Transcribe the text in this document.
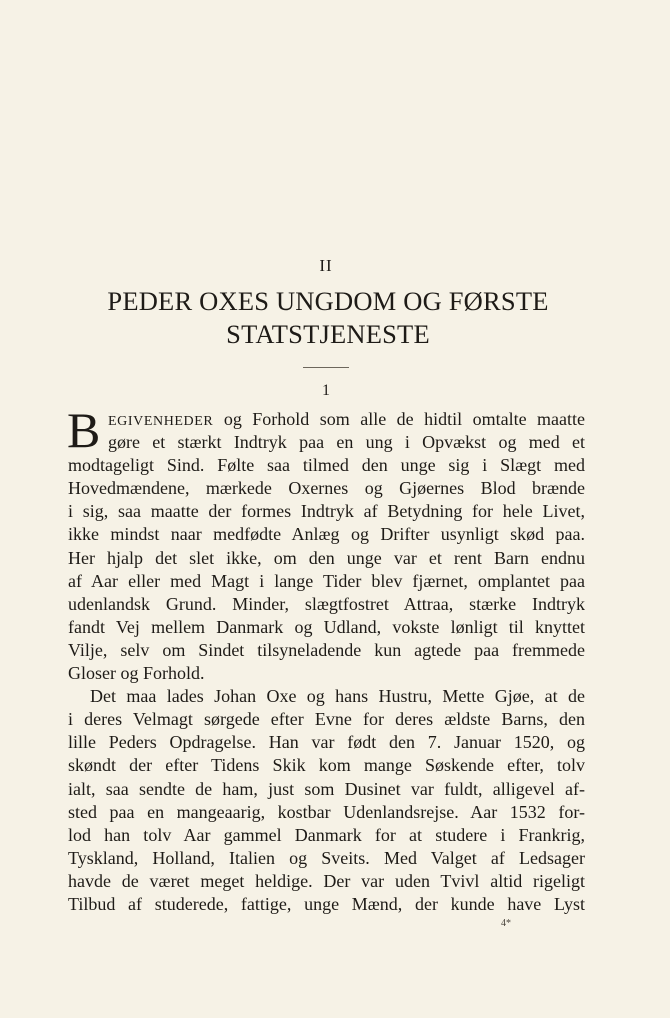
II
PEDER OXES UNGDOM OG FØRSTE
STATSTJENESTE
1
B EGIVENHEDER og Forhold som alle de hidtil omtalte maatte
gøre et stærkt Indtryk paa en ung i Opvækst og med et
modtageligt Sind. Følte saa tilmed den unge sig i Slægt med
Hovedmændene, mærkede Oxernes og Gjøernes Blod brænde
i sig, saa maatte der formes Indtryk af Betydning for hele Livet,
ikke mindst naar medfødte Anlæg og Drifter usynligt skød paa.
Her hjalp det slet ikke, om den unge var et rent Barn endnu
af Aar eller med Magt i lange Tider blev fjærnet, omplantet paa
udenlandsk Grund. Minder, slægtfostret Attraa, stærke Indtryk
fandt Vej mellem Danmark og Udland, vokste lønligt til knyttet
Vilje, selv om Sindet tilsyneladende kun agtede paa fremmede
Gloser og Forhold.
Det maa lades Johan Oxe og hans Hustru, Mette Gjøe, at de
i deres Velmagt sørgede efter Evne for deres ældste Barns, den
lille Peders Opdragelse. Han var født den 7. Januar 1520, og
skøndt der efter Tidens Skik kom mange Søskende efter, tolv
ialt, saa sendte de ham, just som Dusinet var fuldt, alligevel af-
sted paa en mangeaarig, kostbar Udenlandsrejse. Aar 1532 for-
lod han tolv Aar gammel Danmark for at studere i Frankrig,
Tyskland, Holland, Italien og Sveits. Med Valget af Ledsager
havde de været meget heldige. Der var uden Tvivl altid rigeligt
Tilbud af studerede, fattige, unge Mænd, der kunde have Lyst
4*
